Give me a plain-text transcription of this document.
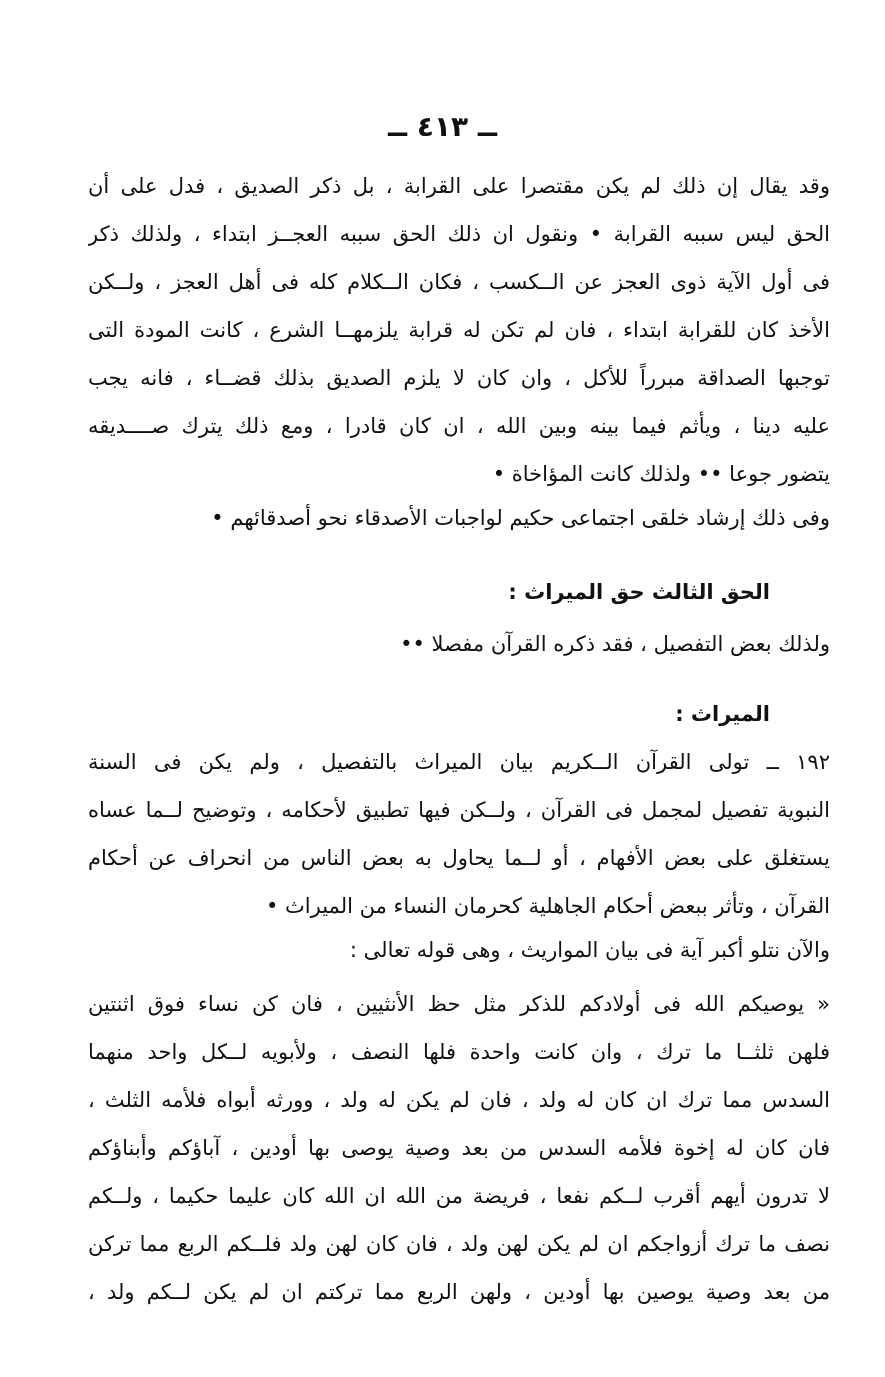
ــ ٤١٣ ــ
وقد يقال إن ذلك لم يكن مقتصرا على القرابة ، بل ذكر الصديق ، فدل على أن
الحق ليس سببه القرابة • ونقول ان ذلك الحق سببه العجــز ابتداء ، ولذلك ذكر
فى أول الآية ذوى العجز عن الــكسب ، فكان الــكلام كله فى أهل العجز ، ولــكن
الأخذ كان للقرابة ابتداء ، فان لم تكن له قرابة يلزمهــا الشرع ، كانت المودة التى
توجبها الصداقة مبرراً للأكل ، وان كان لا يلزم الصديق بذلك قضــاء ، فانه يجب
عليه دينا ، ويأثم فيما بينه وبين الله ، ان كان قادرا ، ومع ذلك يترك صــــديقه
يتضور جوعا •• ولذلك كانت المؤاخاة •
وفى ذلك إرشاد خلقى اجتماعى حكيم لواجبات الأصدقاء نحو أصدقائهم •
الحق الثالث حق الميراث :
ولذلك بعض التفصيل ، فقد ذكره القرآن مفصلا ••
الميراث :
١٩٢ ــ تولى القرآن الــكريم بيان الميراث بالتفصيل ، ولم يكن فى السنة
النبوية تفصيل لمجمل فى القرآن ، ولــكن فيها تطبيق لأحكامه ، وتوضيح لــما عساه
يستغلق على بعض الأفهام ، أو لــما يحاول به بعض الناس من انحراف عن أحكام
القرآن ، وتأثر ببعض أحكام الجاهلية كحرمان النساء من الميراث •
والآن نتلو أكبر آية فى بيان المواريث ، وهى قوله تعالى :
« يوصيكم الله فى أولادكم للذكر مثل حظ الأنثيين ، فان كن نساء فوق اثنتين
فلهن ثلثــا ما ترك ، وان كانت واحدة فلها النصف ، ولأبويه لــكل واحد منهما
السدس مما ترك ان كان له ولد ، فان لم يكن له ولد ، وورثه أبواه فلأمه الثلث ،
فان كان له إخوة فلأمه السدس من بعد وصية يوصى بها أودين ، آباؤكم وأبناؤكم
لا تدرون أيهم أقرب لــكم نفعا ، فريضة من الله ان الله كان عليما حكيما ، ولــكم
نصف ما ترك أزواجكم ان لم يكن لهن ولد ، فان كان لهن ولد فلــكم الربع مما تركن
من بعد وصية يوصين بها أودين ، ولهن الربع مما تركتم ان لم يكن لــكم ولد ،
